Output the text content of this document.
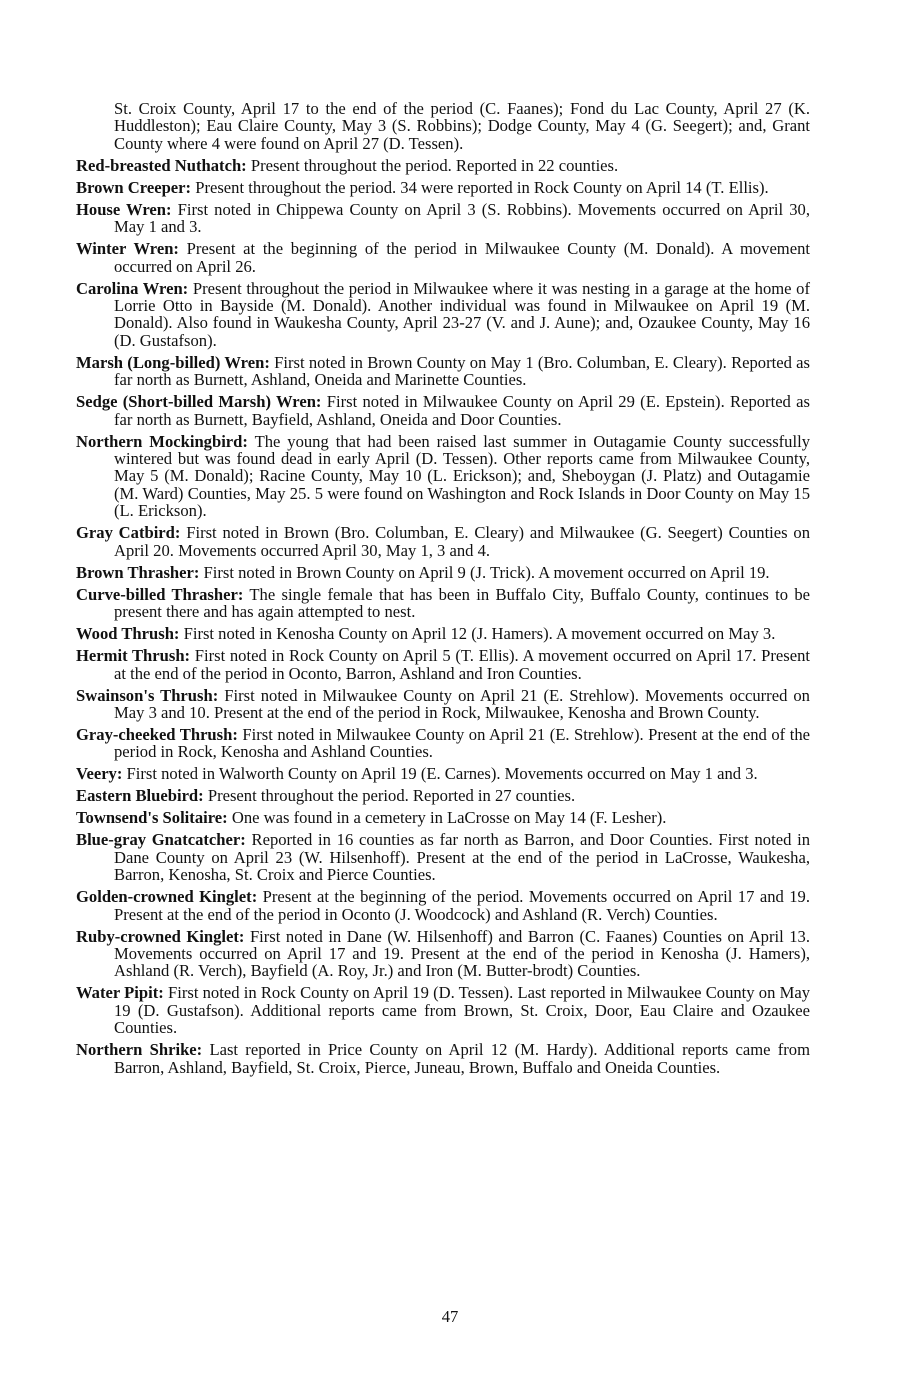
St. Croix County, April 17 to the end of the period (C. Faanes); Fond du Lac County, April 27 (K. Huddleston); Eau Claire County, May 3 (S. Robbins); Dodge County, May 4 (G. Seegert); and, Grant County where 4 were found on April 27 (D. Tessen).

Red-breasted Nuthatch: Present throughout the period. Reported in 22 counties.

Brown Creeper: Present throughout the period. 34 were reported in Rock County on April 14 (T. Ellis).

House Wren: First noted in Chippewa County on April 3 (S. Robbins). Movements occurred on April 30, May 1 and 3.

Winter Wren: Present at the beginning of the period in Milwaukee County (M. Donald). A movement occurred on April 26.

Carolina Wren: Present throughout the period in Milwaukee where it was nesting in a garage at the home of Lorrie Otto in Bayside (M. Donald). Another individual was found in Milwaukee on April 19 (M. Donald). Also found in Waukesha County, April 23-27 (V. and J. Aune); and, Ozaukee County, May 16 (D. Gustafson).

Marsh (Long-billed) Wren: First noted in Brown County on May 1 (Bro. Columban, E. Cleary). Reported as far north as Burnett, Ashland, Oneida and Marinette Counties.

Sedge (Short-billed Marsh) Wren: First noted in Milwaukee County on April 29 (E. Epstein). Reported as far north as Burnett, Bayfield, Ashland, Oneida and Door Counties.

Northern Mockingbird: The young that had been raised last summer in Outagamie County successfully wintered but was found dead in early April (D. Tessen). Other reports came from Milwaukee County, May 5 (M. Donald); Racine County, May 10 (L. Erickson); and, Sheboygan (J. Platz) and Outagamie (M. Ward) Counties, May 25. 5 were found on Washington and Rock Islands in Door County on May 15 (L. Erickson).

Gray Catbird: First noted in Brown (Bro. Columban, E. Cleary) and Milwaukee (G. Seegert) Counties on April 20. Movements occurred April 30, May 1, 3 and 4.

Brown Thrasher: First noted in Brown County on April 9 (J. Trick). A movement occurred on April 19.

Curve-billed Thrasher: The single female that has been in Buffalo City, Buffalo County, continues to be present there and has again attempted to nest.

Wood Thrush: First noted in Kenosha County on April 12 (J. Hamers). A movement occurred on May 3.

Hermit Thrush: First noted in Rock County on April 5 (T. Ellis). A movement occurred on April 17. Present at the end of the period in Oconto, Barron, Ashland and Iron Counties.

Swainson's Thrush: First noted in Milwaukee County on April 21 (E. Strehlow). Movements occurred on May 3 and 10. Present at the end of the period in Rock, Milwaukee, Kenosha and Brown County.

Gray-cheeked Thrush: First noted in Milwaukee County on April 21 (E. Strehlow). Present at the end of the period in Rock, Kenosha and Ashland Counties.

Veery: First noted in Walworth County on April 19 (E. Carnes). Movements occurred on May 1 and 3.

Eastern Bluebird: Present throughout the period. Reported in 27 counties.

Townsend's Solitaire: One was found in a cemetery in LaCrosse on May 14 (F. Lesher).

Blue-gray Gnatcatcher: Reported in 16 counties as far north as Barron, and Door Counties. First noted in Dane County on April 23 (W. Hilsenhoff). Present at the end of the period in LaCrosse, Waukesha, Barron, Kenosha, St. Croix and Pierce Counties.

Golden-crowned Kinglet: Present at the beginning of the period. Movements occurred on April 17 and 19. Present at the end of the period in Oconto (J. Woodcock) and Ashland (R. Verch) Counties.

Ruby-crowned Kinglet: First noted in Dane (W. Hilsenhoff) and Barron (C. Faanes) Counties on April 13. Movements occurred on April 17 and 19. Present at the end of the period in Kenosha (J. Hamers), Ashland (R. Verch), Bayfield (A. Roy, Jr.) and Iron (M. Butter-brodt) Counties.

Water Pipit: First noted in Rock County on April 19 (D. Tessen). Last reported in Milwaukee County on May 19 (D. Gustafson). Additional reports came from Brown, St. Croix, Door, Eau Claire and Ozaukee Counties.

Northern Shrike: Last reported in Price County on April 12 (M. Hardy). Additional reports came from Barron, Ashland, Bayfield, St. Croix, Pierce, Juneau, Brown, Buffalo and Oneida Counties.

47
